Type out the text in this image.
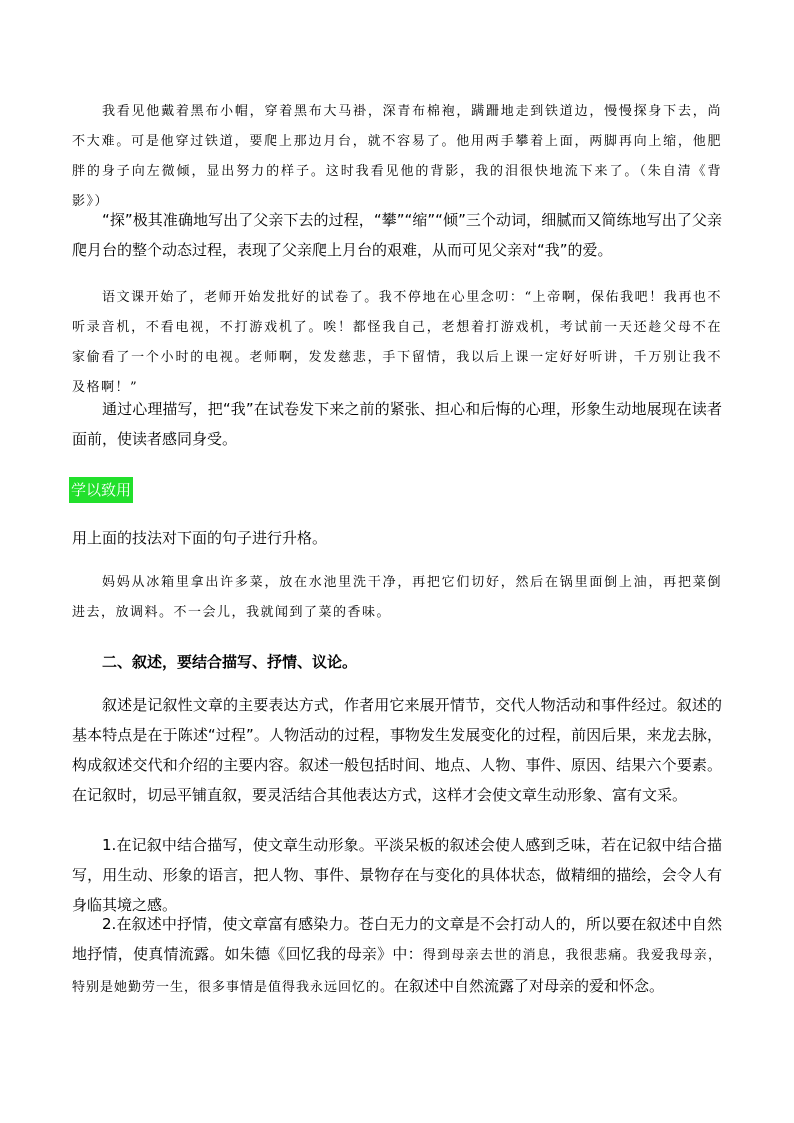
我看见他戴着黑布小帽，穿着黑布大马褂，深青布棉袍，蹒跚地走到铁道边，慢慢探身下去，尚不大难。可是他穿过铁道，要爬上那边月台，就不容易了。他用两手攀着上面，两脚再向上缩，他肥胖的身子向左微倾，显出努力的样子。这时我看见他的背影，我的泪很快地流下来了。（朱自清《背影》）

“探”极其准确地写出了父亲下去的过程，“攀”“缩”“倾”三个动词，细腻而又简练地写出了父亲爬月台的整个动态过程，表现了父亲爬上月台的艰难，从而可见父亲对“我”的爱。

语文课开始了，老师开始发批好的试卷了。我不停地在心里念叨：“上帝啊，保佑我吧！我再也不听录音机，不看电视，不打游戏机了。唉！都怪我自己，老想着打游戏机，考试前一天还趁父母不在家偷看了一个小时的电视。老师啊，发发慈悲，手下留情，我以后上课一定好好听讲，千万别让我不及格啊！”

通过心理描写，把“我”在试卷发下来之前的紧张、担心和后悔的心理，形象生动地展现在读者面前，使读者感同身受。

学以致用

用上面的技法对下面的句子进行升格。

妈妈从冰箱里拿出许多菜，放在水池里洗干净，再把它们切好，然后在锅里面倒上油，再把菜倒进去，放调料。不一会儿，我就闻到了菜的香味。

二、叙述，要结合描写、抒情、议论。

叙述是记叙性文章的主要表达方式，作者用它来展开情节，交代人物活动和事件经过。叙述的基本特点是在于陈述“过程”。人物活动的过程，事物发生发展变化的过程，前因后果，来龙去脉，构成叙述交代和介绍的主要内容。叙述一般包括时间、地点、人物、事件、原因、结果六个要素。在记叙时，切忌平铺直叙，要灵活结合其他表达方式，这样才会使文章生动形象、富有文采。

1.在记叙中结合描写，使文章生动形象。平淡呆板的叙述会使人感到乏味，若在记叙中结合描写，用生动、形象的语言，把人物、事件、景物存在与变化的具体状态，做精细的描绘，会令人有身临其境之感。

2.在叙述中抒情，使文章富有感染力。苍白无力的文章是不会打动人的，所以要在叙述中自然地抒情，使真情流露。如朱德《回忆我的母亲》中：得到母亲去世的消息，我很悲痛。我爱我母亲，特别是她勤劳一生，很多事情是值得我永远回忆的。在叙述中自然流露了对母亲的爱和怀念。
